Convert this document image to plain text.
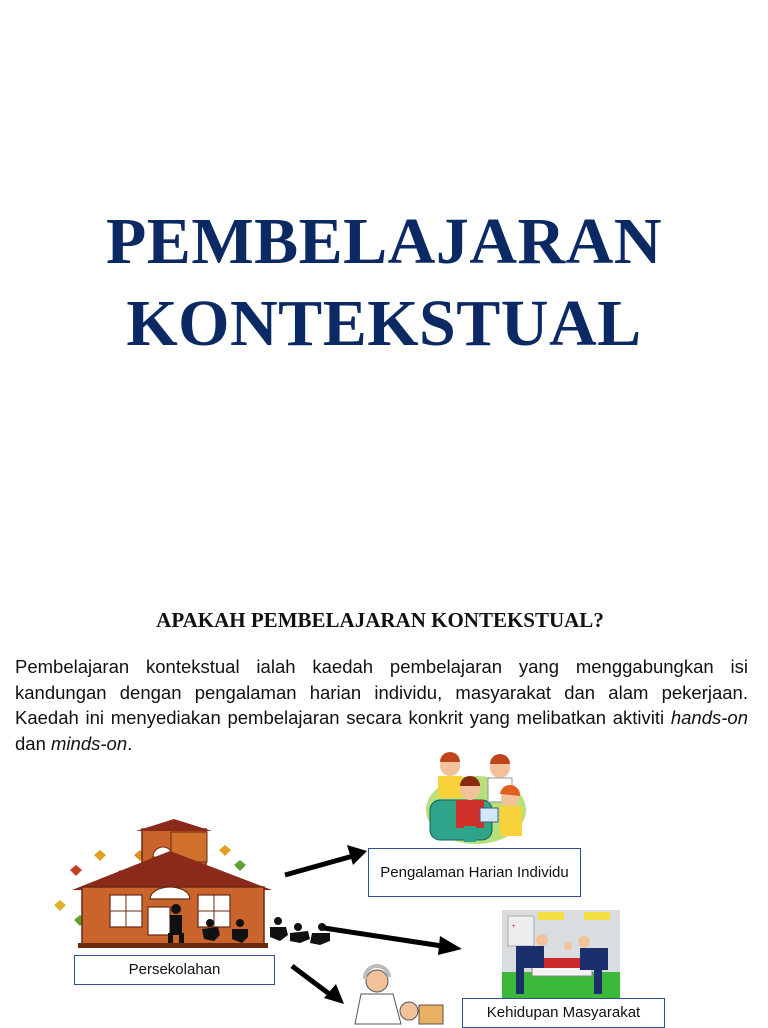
PEMBELAJARAN
KONTEKSTUAL
APAKAH PEMBELAJARAN KONTEKSTUAL?
Pembelajaran kontekstual ialah kaedah pembelajaran yang menggabungkan isi kandungan dengan pengalaman harian individu, masyarakat dan alam pekerjaan. Kaedah ini menyediakan pembelajaran secara konkrit yang melibatkan aktiviti hands-on dan minds-on.
+
Pengalaman Harian Individu
Persekolahan
Kehidupan Masyarakat
